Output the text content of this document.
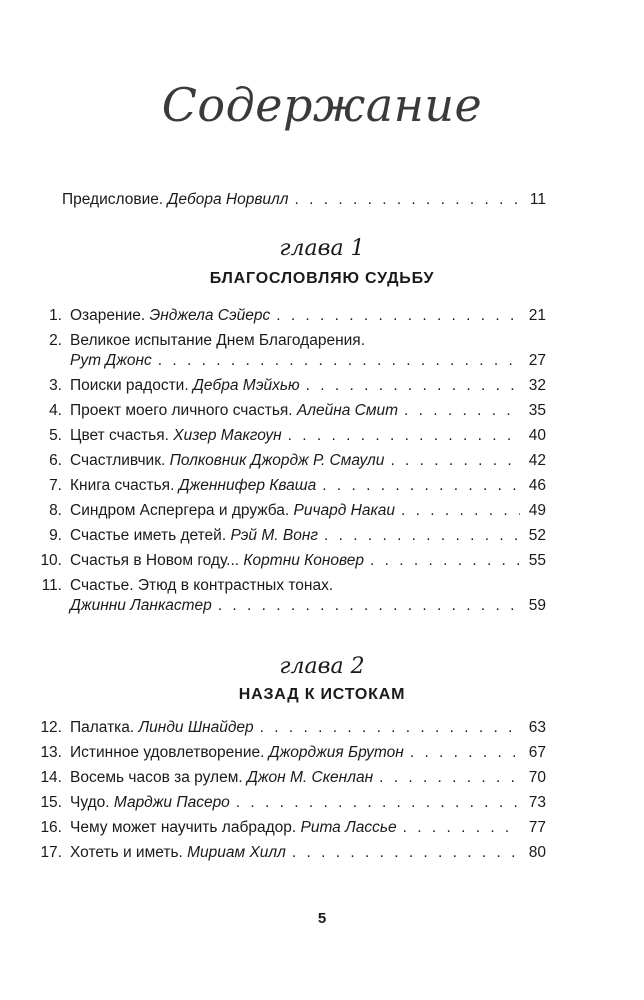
Содержание
Предисловие. Дебора Норвилл . . .	11
глава 1
БЛАГОСЛОВЛЯЮ СУДЬБУ
1. Озарение. Энджела Сэйерс . . .	21
2. Великое испытание Днем Благодарения.
Рут Джонс . . .	27
3. Поиски радости. Дебра Мэйхью . . .	32
4. Проект моего личного счастья. Алейна Смит . . .	35
5. Цвет счастья. Хизер Макгоун . . .	40
6. Счастливчик. Полковник Джордж Р. Смаули . . .	42
7. Книга счастья. Дженнифер Кваша . . .	46
8. Синдром Аспергера и дружба. Ричард Накаи . . .	49
9. Счастье иметь детей. Рэй М. Вонг . . .	52
10. Счастья в Новом году... Кортни Коновер . . .	55
11. Счастье. Этюд в контрастных тонах.
Джинни Ланкастер . . .	59
глава 2
НАЗАД К ИСТОКАМ
12. Палатка. Линди Шнайдер . . .	63
13. Истинное удовлетворение. Джорджия Брутон . . .	67
14. Восемь часов за рулем. Джон М. Скенлан . . .	70
15. Чудо. Марджи Пасеро . . .	73
16. Чему может научить лабрадор. Рита Лассье . . .	77
17. Хотеть и иметь. Мириам Хилл . . .	80
5
